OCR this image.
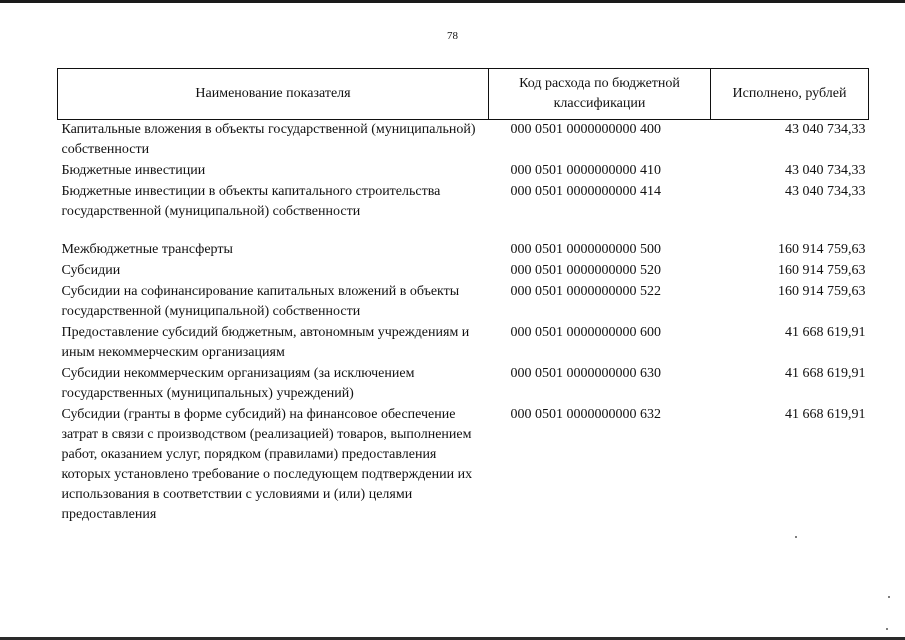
78
Наименование показателя	Код расхода по бюджетной классификации	Исполнено, рублей
Капитальные вложения в объекты государственной (муниципальной) собственности	000 0501 0000000000 400	43 040 734,33
Бюджетные инвестиции	000 0501 0000000000 410	43 040 734,33
Бюджетные инвестиции в объекты капитального строительства государственной (муниципальной) собственности	000 0501 0000000000 414	43 040 734,33
Межбюджетные трансферты	000 0501 0000000000 500	160 914 759,63
Субсидии	000 0501 0000000000 520	160 914 759,63
Субсидии на софинансирование капитальных вложений в объекты государственной (муниципальной) собственности	000 0501 0000000000 522	160 914 759,63
Предоставление субсидий бюджетным, автономным учреждениям и иным некоммерческим организациям	000 0501 0000000000 600	41 668 619,91
Субсидии некоммерческим организациям (за исключением государственных (муниципальных) учреждений)	000 0501 0000000000 630	41 668 619,91
Субсидии (гранты в форме субсидий) на финансовое обеспечение затрат в связи с производством (реализацией) товаров, выполнением работ, оказанием услуг, порядком (правилами) предоставления которых установлено требование о последующем подтверждении их использования в соответствии с условиями и (или) целями предоставления	000 0501 0000000000 632	41 668 619,91
